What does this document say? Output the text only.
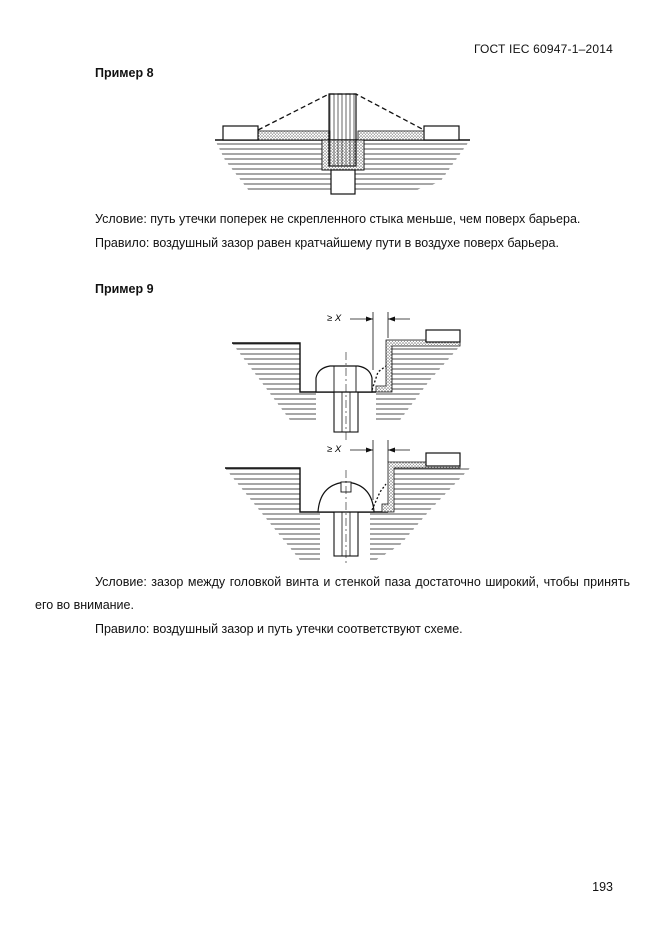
ГОСТ IEC 60947-1–2014
Пример 8
≥ X
≥ X
Условие: путь утечки поперек не скрепленного стыка меньше, чем поверх барьера.
Правило: воздушный зазор равен кратчайшему пути в воздухе поверх барьера.
Пример 9
Условие: зазор между головкой винта и стенкой паза достаточно широкий, чтобы принять его во внимание.
Правило: воздушный зазор и путь утечки соответствуют схеме.
193
